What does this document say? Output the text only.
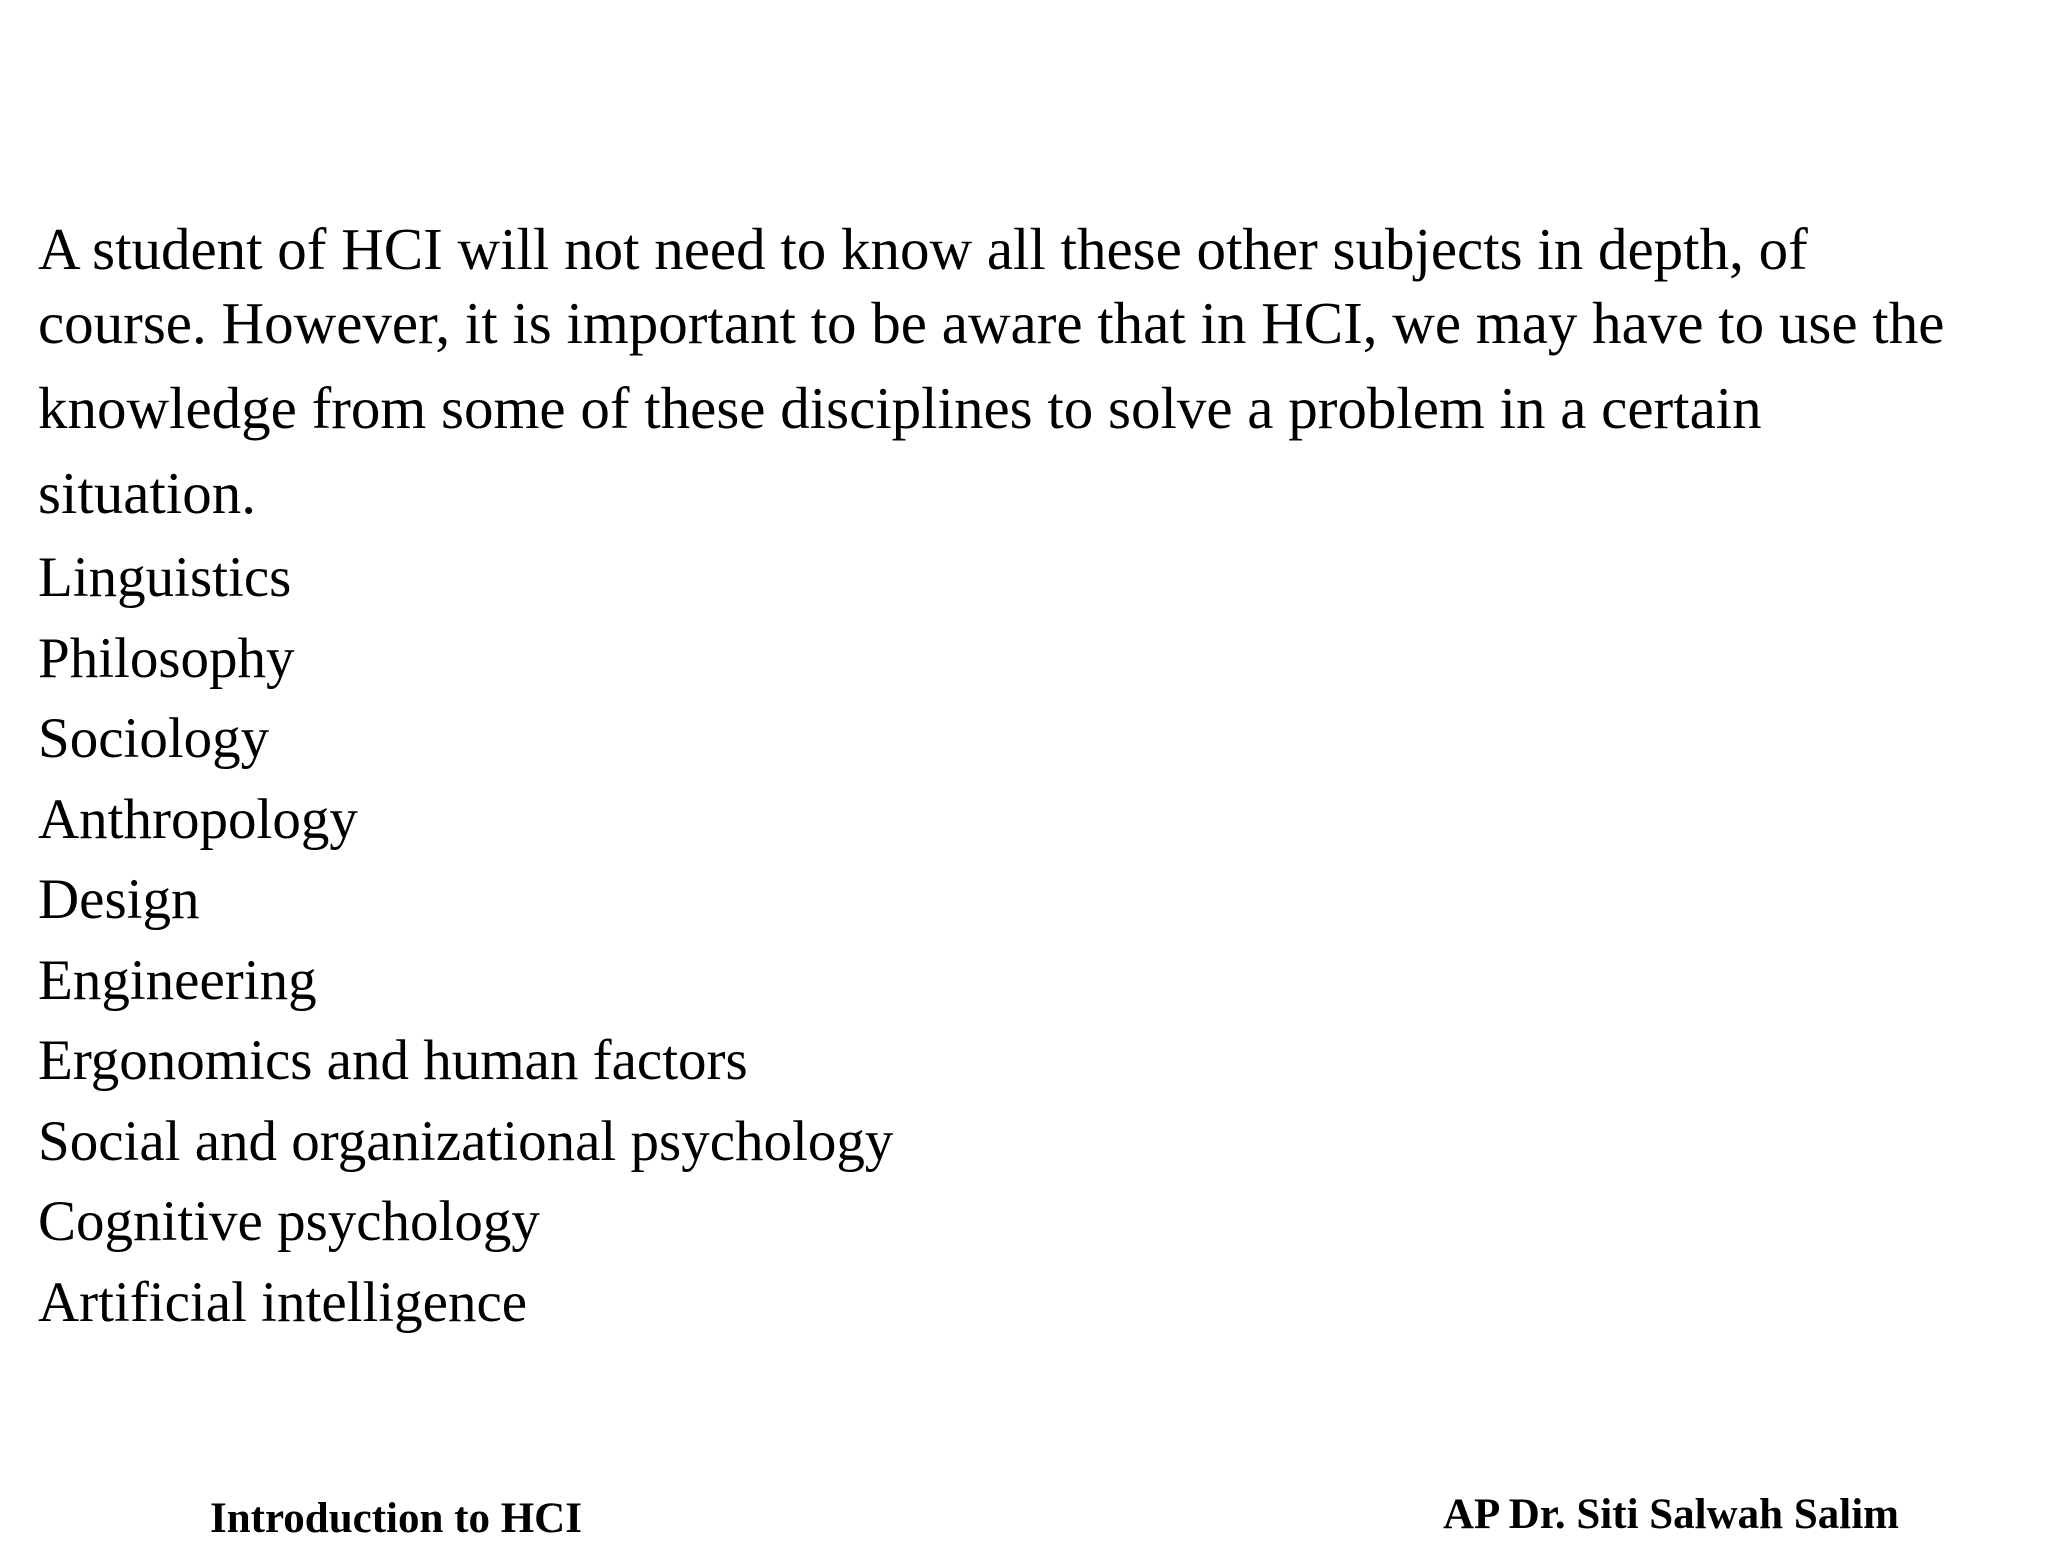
A student of HCI will not need to know all these other subjects in depth, of
course. However, it is important to be aware that in HCI, we may have to use the
knowledge from some of these disciplines to solve a problem in a certain
situation.
Linguistics
Philosophy
Sociology
Anthropology
Design
Engineering
Ergonomics and human factors
Social and organizational psychology
Cognitive psychology
Artificial intelligence
Introduction to HCI	AP Dr. Siti Salwah Salim
